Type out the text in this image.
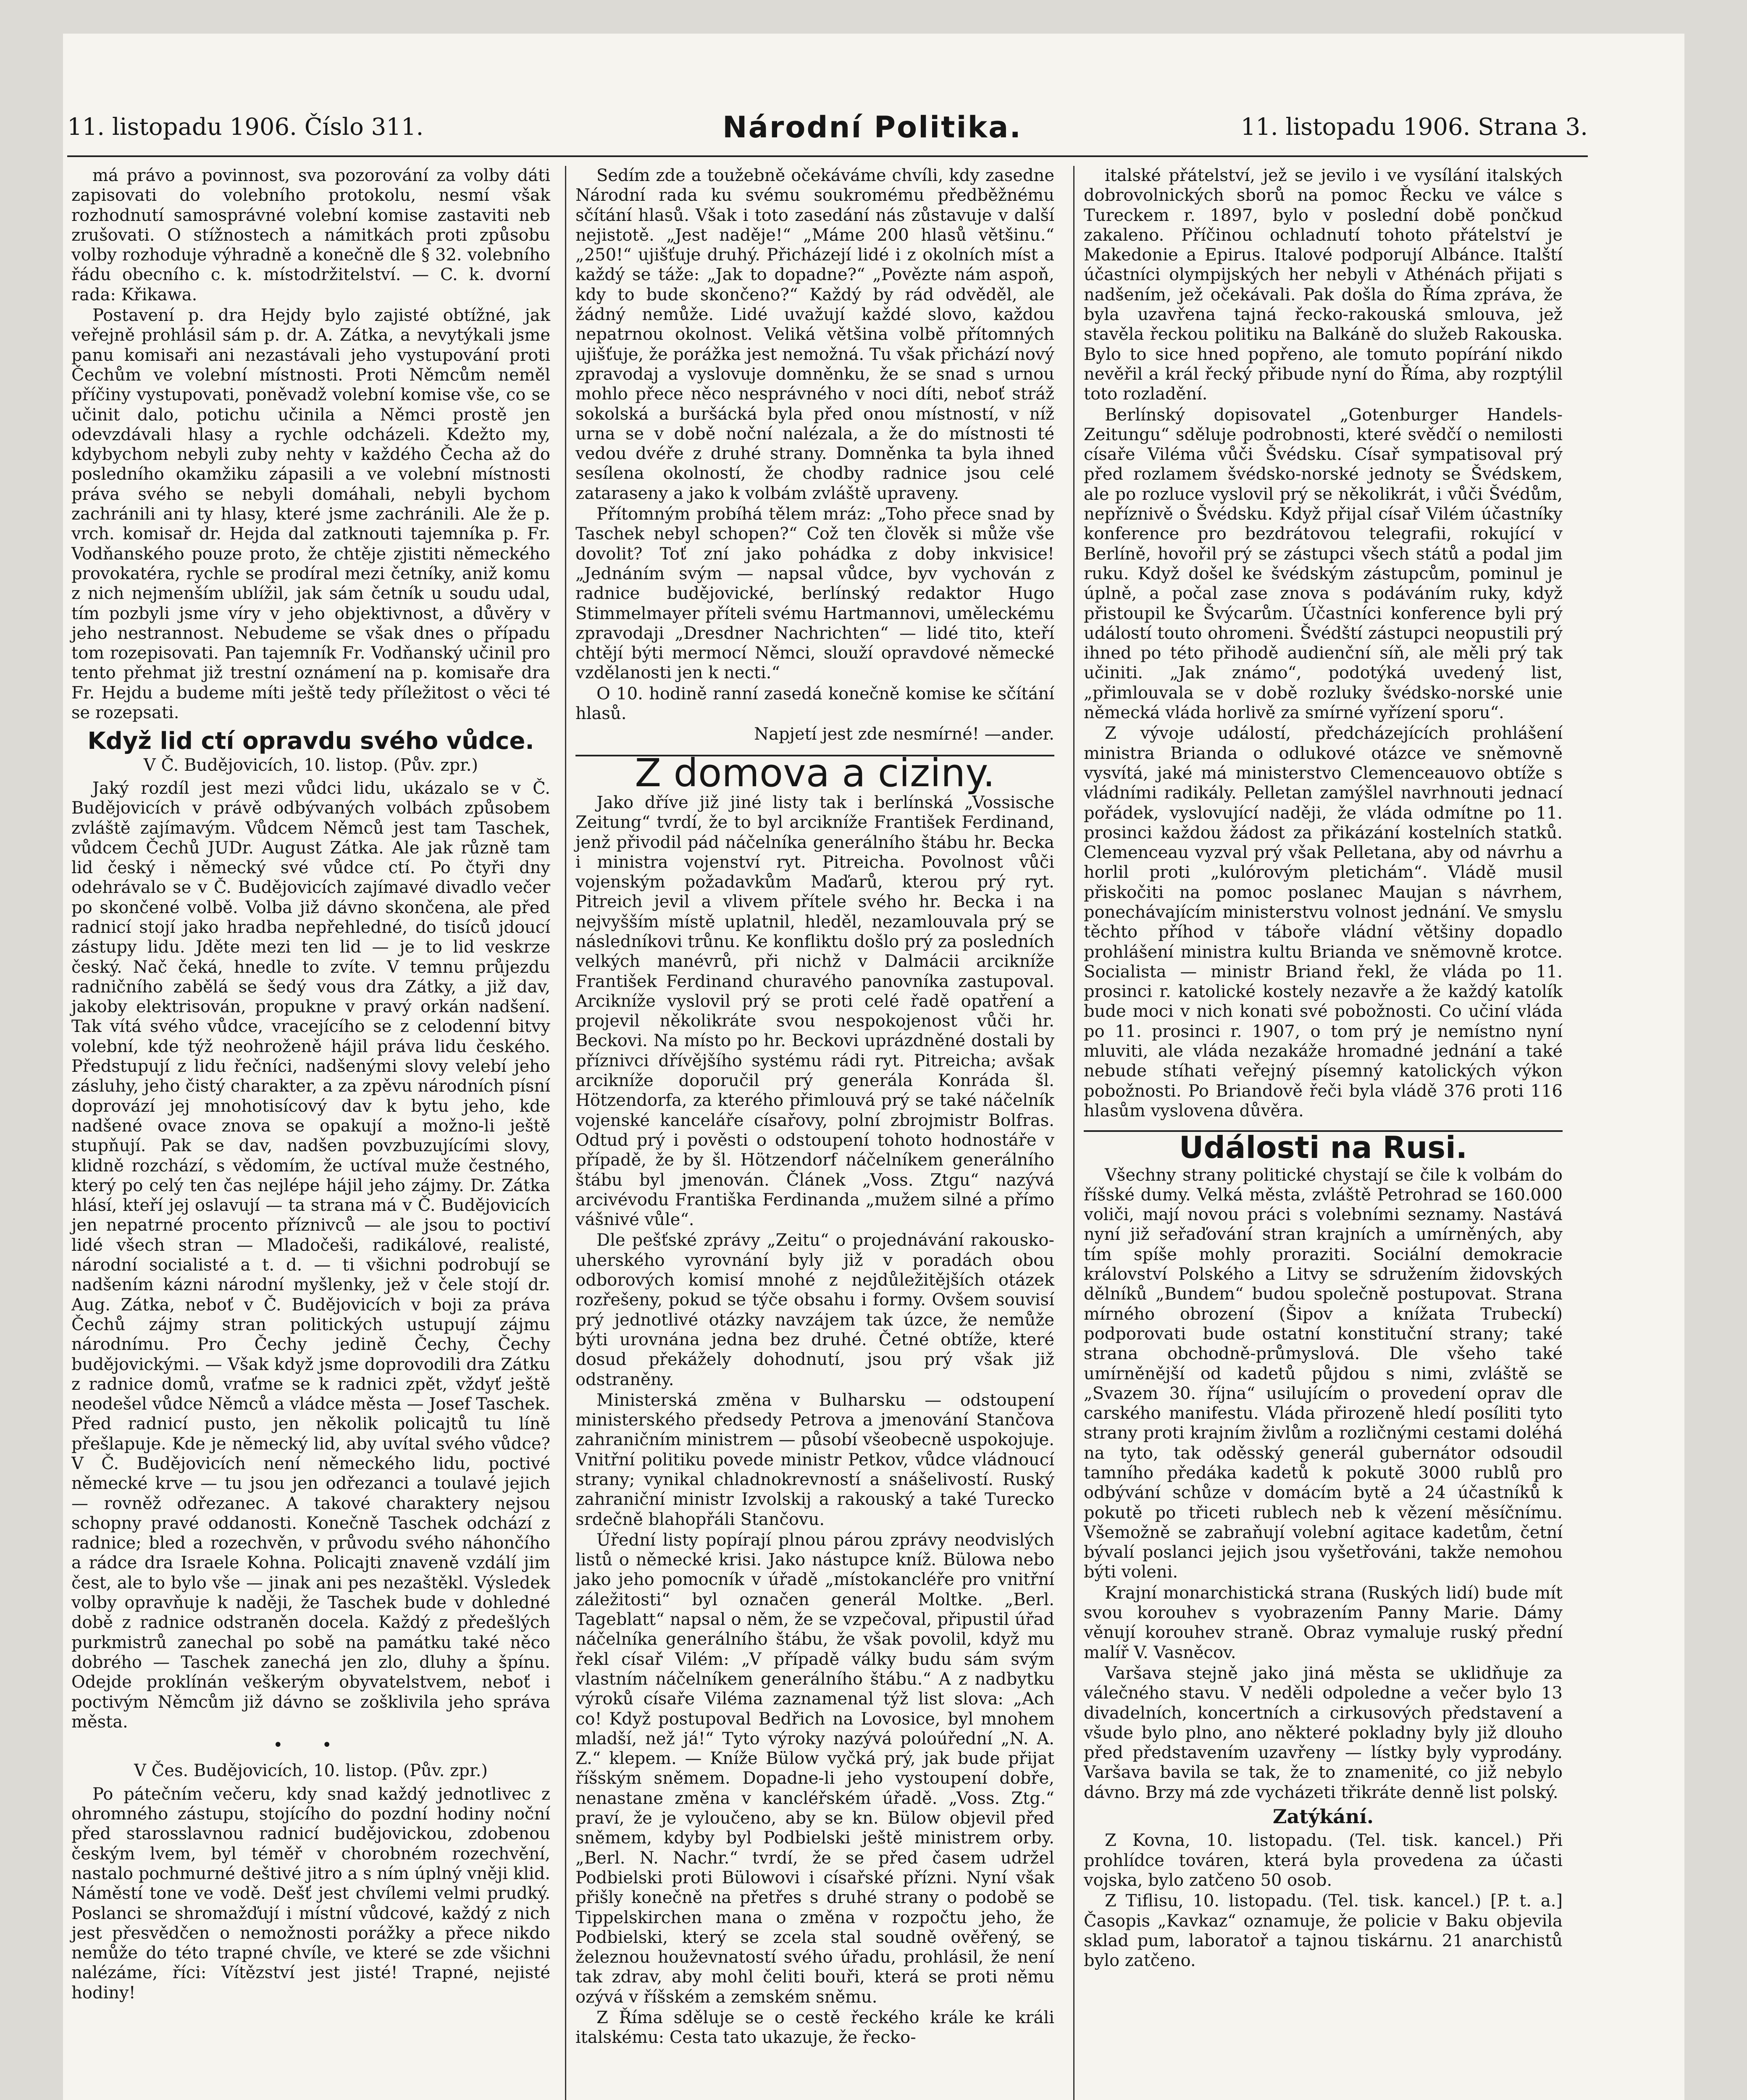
11. listopadu 1906. Číslo 311.	Národní Politika.	11. listopadu 1906. Strana 3.

má právo a povinnost, sva pozorování za volby dáti zapisovati do volebního protokolu, nesmí však rozhodnutí samosprávné volební komise zastaviti neb zrušovati. O stížnostech a námitkách proti způsobu volby rozhoduje výhradně a konečně dle § 32. volebního řádu obecního c. k. místodržitelství. — C. k. dvorní rada: Křikawa.

Postavení p. dra Hejdy bylo zajisté obtížné, jak veřejně prohlásil sám p. dr. A. Zátka, a nevytýkali jsme panu komisaři ani nezastávali jeho vystupování proti Čechům ve volební místnosti. Proti Němcům neměl příčiny vystupovati, poněvadž volební komise vše, co se učinit dalo, potichu učinila a Němci prostě jen odevzdávali hlasy a rychle odcházeli. Kdežto my, kdybychom nebyli zuby nehty v každého Čecha až do posledního okamžiku zápasili a ve volební místnosti práva svého se nebyli domáhali, nebyli bychom zachránili ani ty hlasy, které jsme zachránili. Ale že p. vrch. komisař dr. Hejda dal zatknouti tajemníka p. Fr. Vodňanského pouze proto, že chtěje zjistiti německého provokatéra, rychle se prodíral mezi četníky, aniž komu z nich nejmenším ublížil, jak sám četník u soudu udal, tím pozbyli jsme víry v jeho objektivnost, a důvěry v jeho nestrannost. Nebudeme se však dnes o případu tom rozepisovati. Pan tajemník Fr. Vodňanský učinil pro tento přehmat již trestní oznámení na p. komisaře dra Fr. Hejdu a budeme míti ještě tedy příležitost o věci té se rozepsati.

Když lid ctí opravdu svého vůdce.
V Č. Budějovicích, 10. listop. (Pův. zpr.)

Jaký rozdíl jest mezi vůdci lidu, ukázalo se v Č. Budějovicích v právě odbývaných volbách způsobem zvláště zajímavým. Vůdcem Němců jest tam Taschek, vůdcem Čechů JUDr. August Zátka. Ale jak různě tam lid český i německý své vůdce ctí. Po čtyři dny odehrávalo se v Č. Budějovicích zajímavé divadlo večer po skončené volbě. Volba již dávno skončena, ale před radnicí stojí jako hradba nepřehledné, do tisíců jdoucí zástupy lidu. Jděte mezi ten lid — je to lid veskrze český. Nač čeká, hnedle to zvíte. V temnu průjezdu radničního zabělá se šedý vous dra Zátky, a již dav, jakoby elektrisován, propukne v pravý orkán nadšení. Tak vítá svého vůdce, vracejícího se z celodenní bitvy volební, kde týž neohroženě hájil práva lidu českého. Předstupují z lidu řečníci, nadšenými slovy velebí jeho zásluhy, jeho čistý charakter, a za zpěvu národních písní doprovází jej mnohotisícový dav k bytu jeho, kde nadšené ovace znova se opakují a možno-li ještě stupňují. Pak se dav, nadšen povzbuzujícími slovy, klidně rozchází, s vědomím, že uctíval muže čestného, který po celý ten čas nejlépe hájil jeho zájmy. Dr. Zátka hlásí, kteří jej oslavují — ta strana má v Č. Budějovicích jen nepatrné procento příznivců — ale jsou to poctiví lidé všech stran — Mladočeši, radikálové, realisté, národní socialisté a t. d. — ti všichni podrobují se nadšením kázni národní myšlenky, jež v čele stojí dr. Aug. Zátka, neboť v Č. Budějovicích v boji za práva Čechů zájmy stran politických ustupují zájmu národnímu. Pro Čechy jedině Čechy, Čechy budějovickými. — Však když jsme doprovodili dra Zátku z radnice domů, vraťme se k radnici zpět, vždyť ještě neodešel vůdce Němců a vládce města — Josef Taschek. Před radnicí pusto, jen několik policajtů tu líně přešlapuje. Kde je německý lid, aby uvítal svého vůdce? V Č. Budějovicích není německého lidu, poctivé německé krve — tu jsou jen odřezanci a toulavé jejich — rovněž odřezanec. A takové charaktery nejsou schopny pravé oddanosti. Konečně Taschek odchází z radnice; bled a rozechvěn, v průvodu svého náhončího a rádce dra Israele Kohna. Policajti znaveně vzdálí jim čest, ale to bylo vše — jinak ani pes nezaštěkl. Výsledek volby opravňuje k naději, že Taschek bude v dohledné době z radnice odstraněn docela. Každý z předešlých purkmistrů zanechal po sobě na památku také něco dobrého — Taschek zanechá jen zlo, dluhy a špínu. Odejde proklínán veškerým obyvatelstvem, neboť i poctivým Němcům již dávno se zošklivila jeho správa města.

• •
V Čes. Budějovicích, 10. listop. (Pův. zpr.)

Po pátečním večeru, kdy snad každý jednotlivec z ohromného zástupu, stojícího do pozdní hodiny noční před starosslavnou radnicí budějovickou, zdobenou českým lvem, byl téměř v chorobném rozechvění, nastalo pochmurné deštivé jitro a s ním úplný vněji klid. Náměstí tone ve vodě. Dešť jest chvílemi velmi prudký. Poslanci se shromažďují i místní vůdcové, každý z nich jest přesvědčen o nemožnosti porážky a přece nikdo nemůže do této trapné chvíle, ve které se zde všichni nalézáme, říci: Vítězství jest jisté! Trapné, nejisté hodiny!

Sedím zde a toužebně očekáváme chvíli, kdy zasedne Národní rada ku svému soukromému předběžnému sčítání hlasů. Však i toto zasedání nás zůstavuje v další nejistotě. „Jest naděje!“ „Máme 200 hlasů většinu.“ „250!“ ujišťuje druhý. Přicházejí lidé i z okolních míst a každý se táže: „Jak to dopadne?“ „Povězte nám aspoň, kdy to bude skončeno?“ Každý by rád odvěděl, ale žádný nemůže. Lidé uvažují každé slovo, každou nepatrnou okolnost. Veliká většina volbě přítomných ujišťuje, že porážka jest nemožná. Tu však přichází nový zpravodaj a vyslovuje domněnku, že se snad s urnou mohlo přece něco nesprávného v noci díti, neboť stráž sokolská a buršácká byla před onou místností, v níž urna se v době noční nalézala, a že do místnosti té vedou dvéře z druhé strany. Domněnka ta byla ihned sesílena okolností, že chodby radnice jsou celé zataraseny a jako k volbám zvláště upraveny.

Přítomným probíhá tělem mráz: „Toho přece snad by Taschek nebyl schopen?“ Což ten člověk si může vše dovolit? Toť zní jako pohádka z doby inkvisice! „Jednáním svým — napsal vůdce, byv vychován z radnice budějovické, berlínský redaktor Hugo Stimmelmayer příteli svému Hartmannovi, uměleckému zpravodaji „Dresdner Nachrichten“ — lidé tito, kteří chtějí býti mermocí Němci, slouží opravdové německé vzdělanosti jen k necti.“

O 10. hodině ranní zasedá konečně komise ke sčítání hlasů.

Napjetí jest zde nesmírné! —ander.
Z domova a ciziny.

Jako dříve již jiné listy tak i berlínská „Vossische Zeitung“ tvrdí, že to byl arcikníže František Ferdinand, jenž přivodil pád náčelníka generálního štábu hr. Becka i ministra vojenství ryt. Pitreicha. Povolnost vůči vojenským požadavkům Maďarů, kterou prý ryt. Pitreich jevil a vlivem přítele svého hr. Becka i na nejvyšším místě uplatnil, hleděl, nezamlouvala prý se následníkovi trůnu. Ke konfliktu došlo prý za posledních velkých manévrů, při nichž v Dalmácii arcikníže František Ferdinand churavého panovníka zastupoval. Arcikníže vyslovil prý se proti celé řadě opatření a projevil několikráte svou nespokojenost vůči hr. Beckovi. Na místo po hr. Beckovi uprázdněné dostali by příznivci dřívějšího systému rádi ryt. Pitreicha; avšak arcikníže doporučil prý generála Konráda šl. Hötzendorfa, za kterého přimlouvá prý se také náčelník vojenské kanceláře císařovy, polní zbrojmistr Bolfras. Odtud prý i pověsti o odstoupení tohoto hodnostáře v případě, že by šl. Hötzendorf náčelníkem generálního štábu byl jmenován. Článek „Voss. Ztgu“ nazývá arcivévodu Františka Ferdinanda „mužem silné a přímo vášnivé vůle“.

Dle pešťské zprávy „Zeitu“ o projednávání rakousko-uherského vyrovnání byly již v poradách obou odborových komisí mnohé z nejdůležitějších otázek rozřešeny, pokud se týče obsahu i formy. Ovšem souvisí prý jednotlivé otázky navzájem tak úzce, že nemůže býti urovnána jedna bez druhé. Četné obtíže, které dosud překážely dohodnutí, jsou prý však již odstraněny.

Ministerská změna v Bulharsku — odstoupení ministerského předsedy Petrova a jmenování Stančova zahraničním ministrem — působí všeobecně uspokojuje. Vnitřní politiku povede ministr Petkov, vůdce vládnoucí strany; vynikal chladnokrevností a snášelivostí. Ruský zahraniční ministr Izvolskij a rakouský a také Turecko srdečně blahopřáli Stančovu.

Úřední listy popírají plnou párou zprávy neodvislých listů o německé krisi. Jako nástupce kníž. Bülowa nebo jako jeho pomocník v úřadě „místokancléře pro vnitřní záležitosti“ byl označen generál Moltke. „Berl. Tageblatt“ napsal o něm, že se vzpečoval, připustil úřad náčelníka generálního štábu, že však povolil, když mu řekl císař Vilém: „V případě války budu sám svým vlastním náčelníkem generálního štábu.“ A z nadbytku výroků císaře Viléma zaznamenal týž list slova: „Ach co! Když postupoval Bedřich na Lovosice, byl mnohem mladší, než já!“ Tyto výroky nazývá poloúřední „N. A. Z.“ klepem. — Kníže Bülow vyčká prý, jak bude přijat říšským sněmem. Dopadne-li jeho vystoupení dobře, nenastane změna v kancléřském úřadě. „Voss. Ztg.“ praví, že je vyloučeno, aby se kn. Bülow objevil před sněmem, kdyby byl Podbielski ještě ministrem orby. „Berl. N. Nachr.“ tvrdí, že se před časem udržel Podbielski proti Bülowovi i císařské přízni. Nyní však přišly konečně na přetřes s druhé strany o podobě se Tippelskirchen mana o změna v rozpočtu jeho, že Podbielski, který se zcela stal soudně ověřený, se železnou houževnatostí svého úřadu, prohlásil, že není tak zdrav, aby mohl čeliti bouři, která se proti němu ozývá v říšském a zemském sněmu.

Z Říma sděluje se o cestě řeckého krále ke králi italskému: Cesta tato ukazuje, že řecko-

italské přátelství, jež se jevilo i ve vysílání italských dobrovolnických sborů na pomoc Řecku ve válce s Tureckem r. 1897, bylo v poslední době pončkud zakaleno. Příčinou ochladnutí tohoto přátelství je Makedonie a Epirus. Italové podporují Albánce. Italští účastníci olympijských her nebyli v Athénách přijati s nadšením, jež očekávali. Pak došla do Říma zpráva, že byla uzavřena tajná řecko-rakouská smlouva, jež stavěla řeckou politiku na Balkáně do služeb Rakouska. Bylo to sice hned popřeno, ale tomuto popírání nikdo nevěřil a král řecký přibude nyní do Říma, aby rozptýlil toto rozladění.

Berlínský dopisovatel „Gotenburger Handels-Zeitungu“ sděluje podrobnosti, které svědčí o nemilosti císaře Viléma vůči Švédsku. Císař sympatisoval prý před rozlamem švédsko-norské jednoty se Švédskem, ale po rozluce vyslovil prý se několikrát, i vůči Švédům, nepříznivě o Švédsku. Když přijal císař Vilém účastníky konference pro bezdrátovou telegrafii, rokující v Berlíně, hovořil prý se zástupci všech států a podal jim ruku. Když došel ke švédským zástupcům, pominul je úplně, a počal zase znova s podáváním ruky, když přistoupil ke Švýcarům. Účastníci konference byli prý událostí touto ohromeni. Švédští zástupci neopustili prý ihned po této přihodě audienční síň, ale měli prý tak učiniti. „Jak známo“, podotýká uvedený list, „přimlouvala se v době rozluky švédsko-norské unie německá vláda horlivě za smírné vyřízení sporu“.

Z vývoje událostí, předcházejících prohlášení ministra Brianda o odlukové otázce ve sněmovně vysvítá, jaké má ministerstvo Clemenceauovo obtíže s vládními radikály. Pelletan zamýšlel navrhnouti jednací pořádek, vyslovující naději, že vláda odmítne po 11. prosinci každou žádost za přikázání kostelních statků. Clemenceau vyzval prý však Pelletana, aby od návrhu a horlil proti „kulórovým pletichám“. Vládě musil přiskočiti na pomoc poslanec Maujan s návrhem, ponechávajícím ministerstvu volnost jednání. Ve smyslu těchto příhod v táboře vládní většiny dopadlo prohlášení ministra kultu Brianda ve sněmovně krotce. Socialista — ministr Briand řekl, že vláda po 11. prosinci r. katolické kostely nezavře a že každý katolík bude moci v nich konati své pobožnosti. Co učiní vláda po 11. prosinci r. 1907, o tom prý je nemístno nyní mluviti, ale vláda nezakáže hromadné jednání a také nebude stíhati veřejný písemný katolických výkon pobožnosti. Po Briandově řeči byla vládě 376 proti 116 hlasům vyslovena důvěra.

Události na Rusi.

Všechny strany politické chystají se čile k volbám do říšské dumy. Velká města, zvláště Petrohrad se 160.000 voliči, mají novou práci s volebními seznamy. Nastává nyní již seřaďování stran krajních a umírněných, aby tím spíše mohly proraziti. Sociální demokracie království Polského a Litvy se sdružením židovských dělníků „Bundem“ budou společně postupovat. Strana mírného obrození (Šipov a knížata Trubeckí) podporovati bude ostatní konstituční strany; také strana obchodně-průmyslová. Dle všeho také umírněnější od kadetů půjdou s nimi, zvláště se „Svazem 30. října“ usilujícím o provedení oprav dle carského manifestu. Vláda přirozeně hledí posíliti tyto strany proti krajním živlům a rozličnými cestami doléhá na tyto, tak oděsský generál gubernátor odsoudil tamního předáka kadetů k pokutě 3000 rublů pro odbývání schůze v domácím bytě a 24 účastníků k pokutě po třiceti rublech neb k vězení měsíčnímu. Všemožně se zabraňují volební agitace kadetům, četní bývalí poslanci jejich jsou vyšetřováni, takže nemohou býti voleni.

Krajní monarchistická strana (Ruských lidí) bude mít svou korouhev s vyobrazením Panny Marie. Dámy věnují korouhev straně. Obraz vymaluje ruský přední malíř V. Vasněcov.

Varšava stejně jako jiná města se uklidňuje za válečného stavu. V neděli odpoledne a večer bylo 13 divadelních, koncertních a cirkusových představení a všude bylo plno, ano některé pokladny byly již dlouho před představením uzavřeny — lístky byly vyprodány. Varšava bavila se tak, že to znamenité, co již nebylo dávno. Brzy má zde vycházeti třikráte denně list polský.

Zatýkání.

Z Kovna, 10. listopadu. (Tel. tisk. kancel.) Při prohlídce továren, která byla provedena za účasti vojska, bylo zatčeno 50 osob.

Z Tiflisu, 10. listopadu. (Tel. tisk. kancel.) [P. t. a.] Časopis „Kavkaz“ oznamuje, že policie v Baku objevila sklad pum, laboratoř a tajnou tiskárnu. 21 anarchistů bylo zatčeno.
